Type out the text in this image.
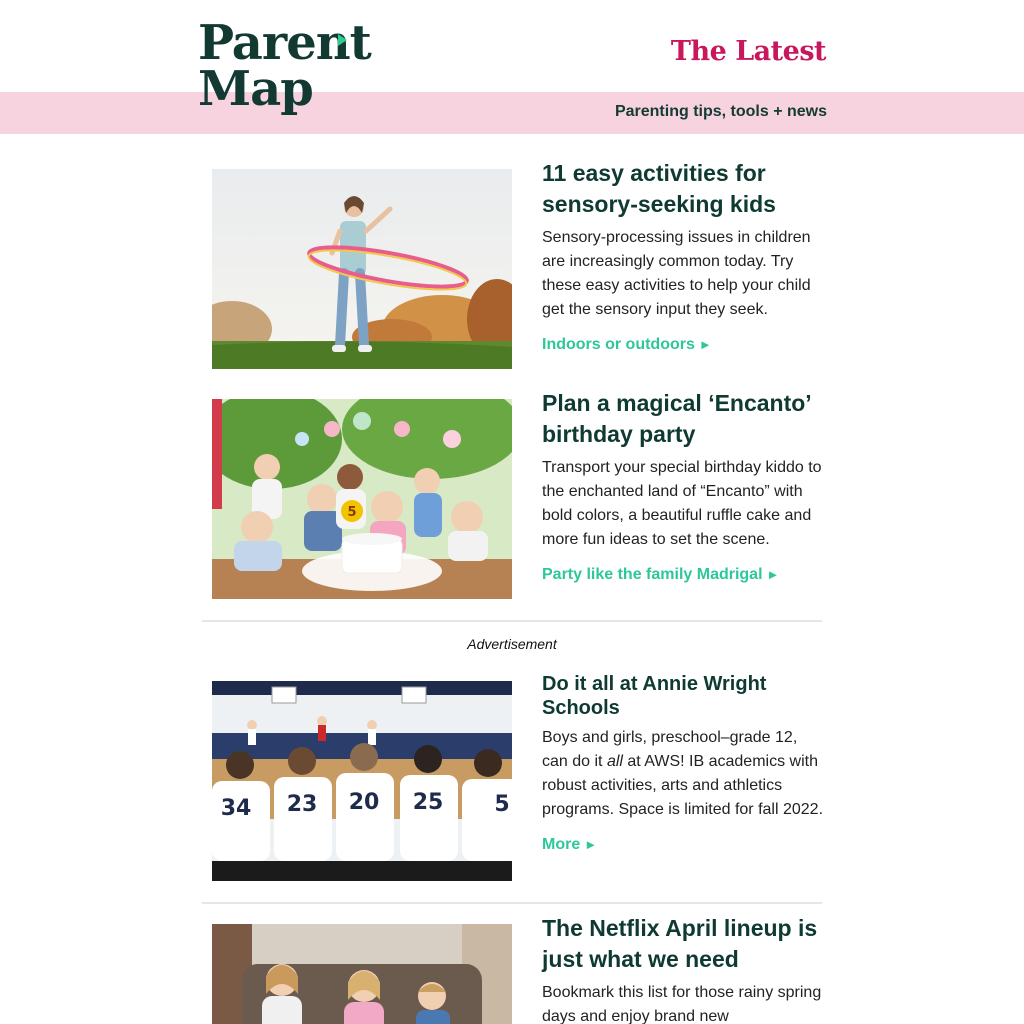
Parent
Map
The Latest
Parenting tips, tools + news
11 easy activities for sensory-seeking kids

Sensory-processing issues in children are increasingly common today. Try these easy activities to help your child get the sensory input they seek.

Indoors or outdoors ►
5
Plan a magical ‘Encanto’ birthday party

Transport your special birthday kiddo to the enchanted land of “Encanto” with bold colors, a beautiful ruffle cake and more fun ideas to set the scene.

Party like the family Madrigal ►
Advertisement
34 23 20 25 5
Do it all at Annie Wright Schools

Boys and girls, preschool–grade 12, can do it all at AWS! IB academics with robust activities, arts and athletics programs. Space is limited for fall 2022.

More ►
The Netflix April lineup is just what we need

Bookmark this list for those rainy spring days and enjoy brand new
